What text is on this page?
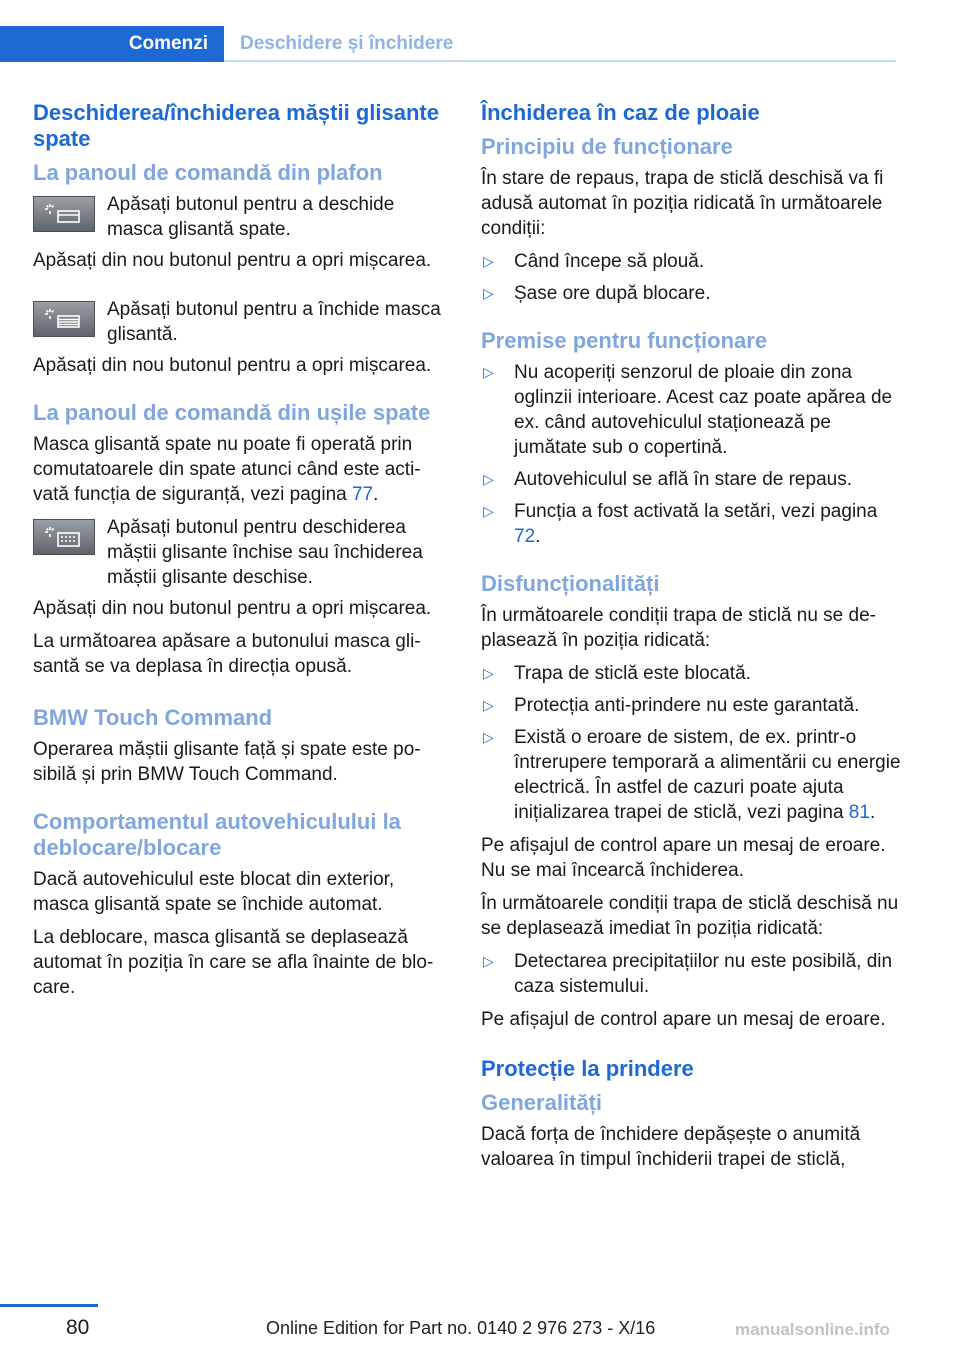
Comenzi	Deschidere și închidere
Deschiderea/închiderea măștii glisante spate
La panoul de comandă din plafon

Apăsați butonul pentru a deschide masca glisantă spate.

Apăsați din nou butonul pentru a opri mișcarea.

Apăsați butonul pentru a închide masca glisantă.

Apăsați din nou butonul pentru a opri mișcarea.

La panoul de comandă din ușile spate

Masca glisantă spate nu poate fi operată prin comutatoarele din spate atunci când este activată funcția de siguranță, vezi pagina 77.

Apăsați butonul pentru deschiderea măștii glisante închise sau închiderea măștii glisante deschise.

Apăsați din nou butonul pentru a opri mișcarea.

La următoarea apăsare a butonului masca glisantă se va deplasa în direcția opusă.

BMW Touch Command

Operarea măștii glisante față și spate este posibilă și prin BMW Touch Command.

Comportamentul autovehiculului la deblocare/blocare

Dacă autovehiculul este blocat din exterior, masca glisantă spate se închide automat.

La deblocare, masca glisantă se deplasează automat în poziția în care se afla înainte de blocare.

Închiderea în caz de ploaie
Principiu de funcționare

În stare de repaus, trapa de sticlă deschisă va fi adusă automat în poziția ridicată în următoarele condiții:

▷ Când începe să plouă.
▷ Șase ore după blocare.
Premise pentru funcționare
▷ Nu acoperiți senzorul de ploaie din zona oglinzii interioare. Acest caz poate apărea de ex. când autovehiculul staționează pe jumătate sub o copertină.
▷ Autovehiculul se află în stare de repaus.
▷ Funcția a fost activată la setări, vezi pagina 72.
Disfuncționalități

În următoarele condiții trapa de sticlă nu se deplasează în poziția ridicată:

▷ Trapa de sticlă este blocată.
▷ Protecția anti-prindere nu este garantată.
▷ Există o eroare de sistem, de ex. printr-o întrerupere temporară a alimentării cu energie electrică. În astfel de cazuri poate ajuta inițializarea trapei de sticlă, vezi pagina 81.

Pe afișajul de control apare un mesaj de eroare. Nu se mai încearcă închiderea.

În următoarele condiții trapa de sticlă deschisă nu se deplasează imediat în poziția ridicată:

▷ Detectarea precipitațiilor nu este posibilă, din caza sistemului.

Pe afișajul de control apare un mesaj de eroare.

Protecție la prindere
Generalități

Dacă forța de închidere depășește o anumită valoarea în timpul închiderii trapei de sticlă,

80	Online Edition for Part no. 0140 2 976 273 - X/16	manualsonline.info
